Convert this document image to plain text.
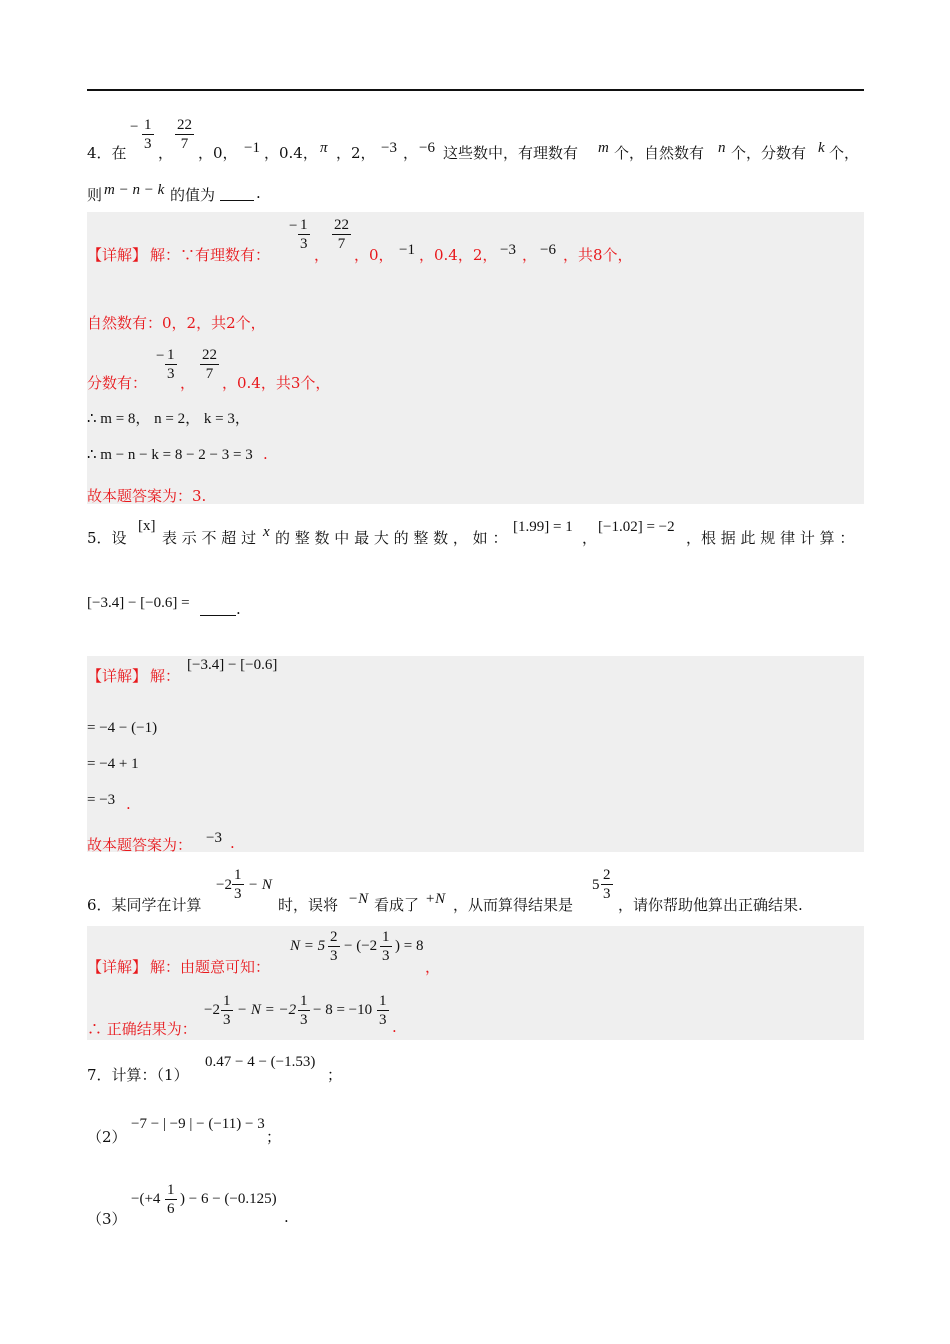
4．在
− 1
3 ，
22
7 ，0， −1 ，0.4， π ，2， −3 ， −6 这些数中，有理数有 m 个，自然数有 n 个，分数有 k 个，
则 m − n − k 的值为	.
【详解】 解：∵有理数有：
− 1
3
，
22
7
，0， −1 ，0.4，2， −3 ， −6 ，共8个，
自然数有：0，2，共2个，
分数有：
− 1
3 ，
22
7 ，0.4，共3个，
∴ m = 8， n = 2， k = 3，
∴ m − n − k = 8 − 2 − 3 = 3 .
故本题答案为：3.
5．设
[x]
表 示 不 超 过 x 的 整 数 中 最 大 的 整 数 ， 如 ：
[1.99] = 1
，
[−1.02] = −2
，根 据 此 规 律 计 算 ：
[−3.4] − [−0.6] =	.
【详解】 解：
[−3.4] − [−0.6]
= −4 − (−1)
= −4 + 1
= −3 .
故本题答案为： −3 .
6．某同学在计算
−2
1
3
− N
时，误将 −N 看成了 +N ，从而算得结果是
5
2
3
，请你帮助他算出正确结果.
【详解】 解：由题意可知：
N = 5
2
3
− (−2
1
3
) = 8
，
∴ 正确结果为：
−2
1
3
− N = −2
1
3
− 8 = −10
1
3 .
7．计算：（1）
0.47 − 4 − (−1.53)
；
（2）
−7 − | −9 | − (−11) − 3
；
（3）
−(+4
1
6
) − 6 − (−0.125)
.
